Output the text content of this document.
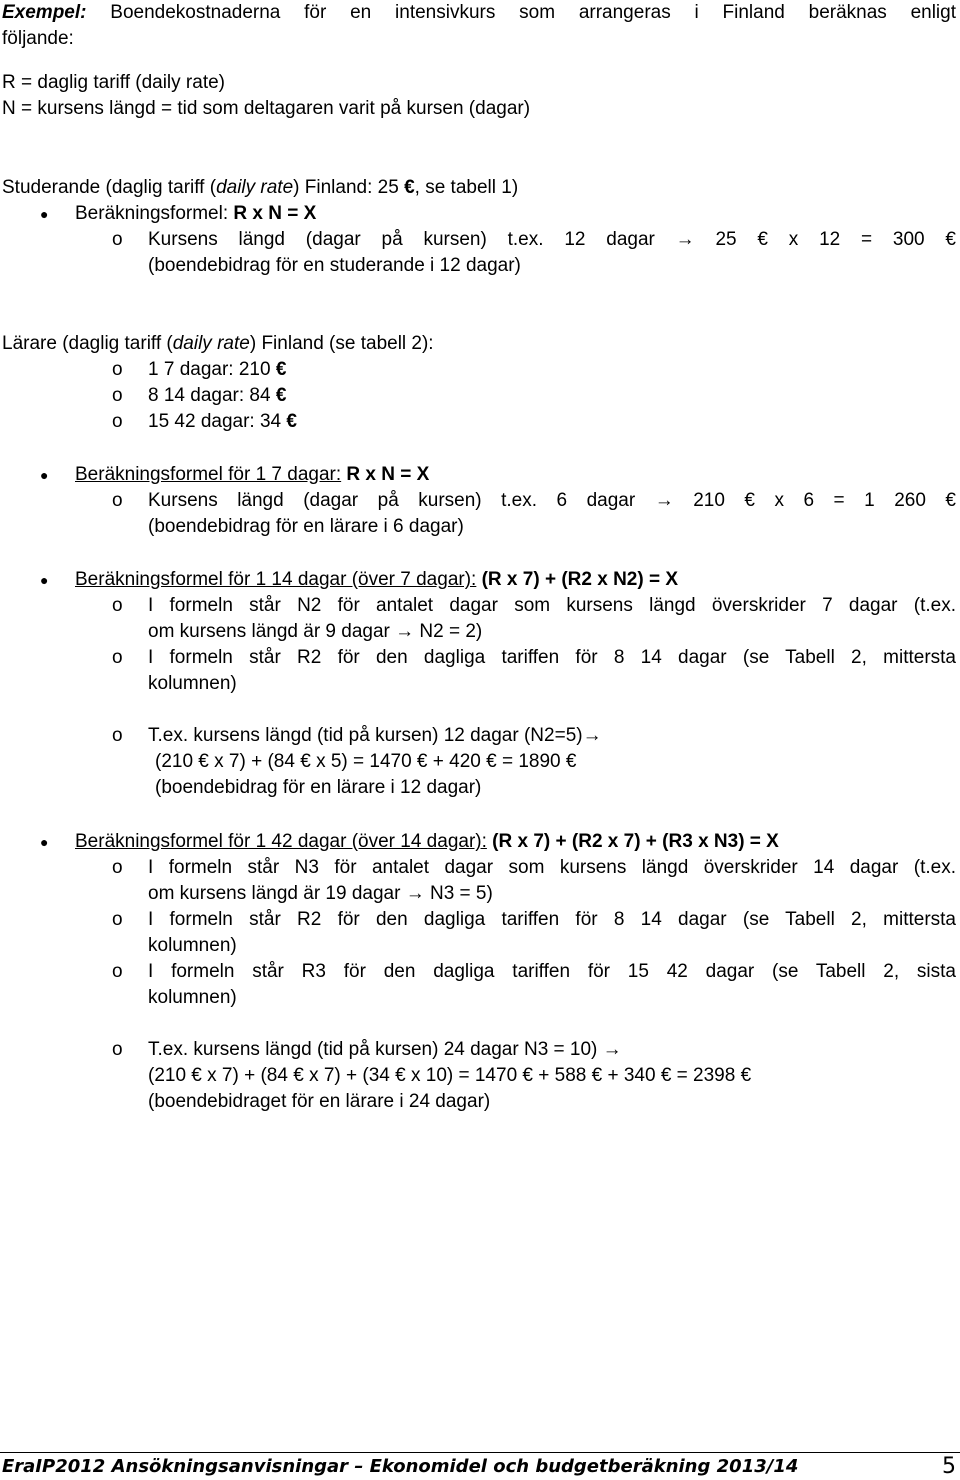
Exempel: Boendekostnaderna för en intensivkurs som arrangeras i Finland beräknas enligt
följande:
R = daglig tariff (daily rate)
N = kursens längd = tid som deltagaren varit på kursen (dagar)
Studerande (daglig tariff (daily rate) Finland: 25 €, se tabell 1)
● Beräkningsformel: R x N = X
o Kursens längd (dagar på kursen) t.ex. 12 dagar → 25 € x 12 = 300 €
(boendebidrag för en studerande i 12 dagar)
Lärare (daglig tariff (daily rate) Finland (se tabell 2):
o 1 7 dagar: 210 €
o 8 14 dagar: 84 €
o 15 42 dagar: 34 €
● Beräkningsformel för 1 7 dagar: R x N = X
o Kursens längd (dagar på kursen) t.ex. 6 dagar → 210 € x 6 = 1 260 €
(boendebidrag för en lärare i 6 dagar)
● Beräkningsformel för 1 14 dagar (över 7 dagar): (R x 7) + (R2 x N2) = X
o I formeln står N2 för antalet dagar som kursens längd överskrider 7 dagar (t.ex.
om kursens längd är 9 dagar → N2 = 2)
o I formeln står R2 för den dagliga tariffen för 8 14 dagar (se Tabell 2, mittersta
kolumnen)
o T.ex. kursens längd (tid på kursen) 12 dagar (N2=5)→
(210 € x 7) + (84 € x 5) = 1470 € + 420 € = 1890 €
(boendebidrag för en lärare i 12 dagar)
● Beräkningsformel för 1 42 dagar (över 14 dagar): (R x 7) + (R2 x 7) + (R3 x N3) = X
o I formeln står N3 för antalet dagar som kursens längd överskrider 14 dagar (t.ex.
om kursens längd är 19 dagar → N3 = 5)
o I formeln står R2 för den dagliga tariffen för 8 14 dagar (se Tabell 2, mittersta
kolumnen)
o I formeln står R3 för den dagliga tariffen för 15 42 dagar (se Tabell 2, sista
kolumnen)
o T.ex. kursens längd (tid på kursen) 24 dagar N3 = 10) →
(210 € x 7) + (84 € x 7) + (34 € x 10) = 1470 € + 588 € + 340 € = 2398 €
(boendebidraget för en lärare i 24 dagar)
EraIP2012 Ansökningsanvisningar – Ekonomidel och budgetberäkning 2013/14	5
